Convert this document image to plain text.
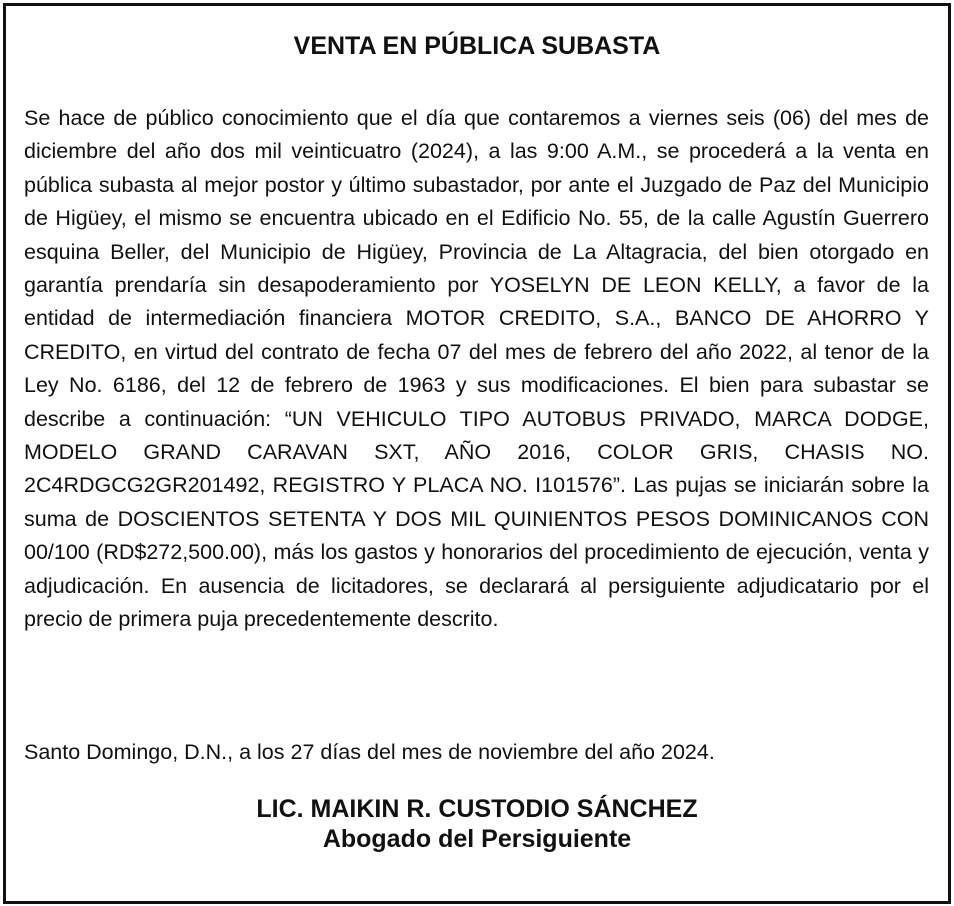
VENTA EN PÚBLICA SUBASTA

Se hace de público conocimiento que el día que contaremos a viernes seis (06) del mes de diciembre del año dos mil veinticuatro (2024), a las 9:00 A.M., se procederá a la venta en pública subasta al mejor postor y último subastador, por ante el Juzgado de Paz del Municipio de Higüey, el mismo se encuentra ubicado en el Edificio No. 55, de la calle Agustín Guerrero esquina Beller, del Municipio de Higüey, Provincia de La Altagracia, del bien otorgado en garantía prendaría sin desapoderamiento por YOSELYN DE LEON KELLY, a favor de la entidad de intermediación financiera MOTOR CREDITO, S.A., BANCO DE AHORRO Y CREDITO, en virtud del contrato de fecha 07 del mes de febrero del año 2022, al tenor de la Ley No. 6186, del 12 de febrero de 1963 y sus modificaciones. El bien para subastar se describe a continuación: “UN VEHICULO TIPO AUTOBUS PRIVADO, MARCA DODGE, MODELO GRAND CARAVAN SXT, AÑO 2016, COLOR GRIS, CHASIS NO. 2C4RDGCG2GR201492, REGISTRO Y PLACA NO. I101576”. Las pujas se iniciarán sobre la suma de DOSCIENTOS SETENTA Y DOS MIL QUINIENTOS PESOS DOMINICANOS CON 00/100 (RD$272,500.00), más los gastos y honorarios del procedimiento de ejecución, venta y adjudicación. En ausencia de licitadores, se declarará al persiguiente adjudicatario por el precio de primera puja precedentemente descrito.

Santo Domingo, D.N., a los 27 días del mes de noviembre del año 2024.

LIC. MAIKIN R. CUSTODIO SÁNCHEZ

Abogado del Persiguiente
